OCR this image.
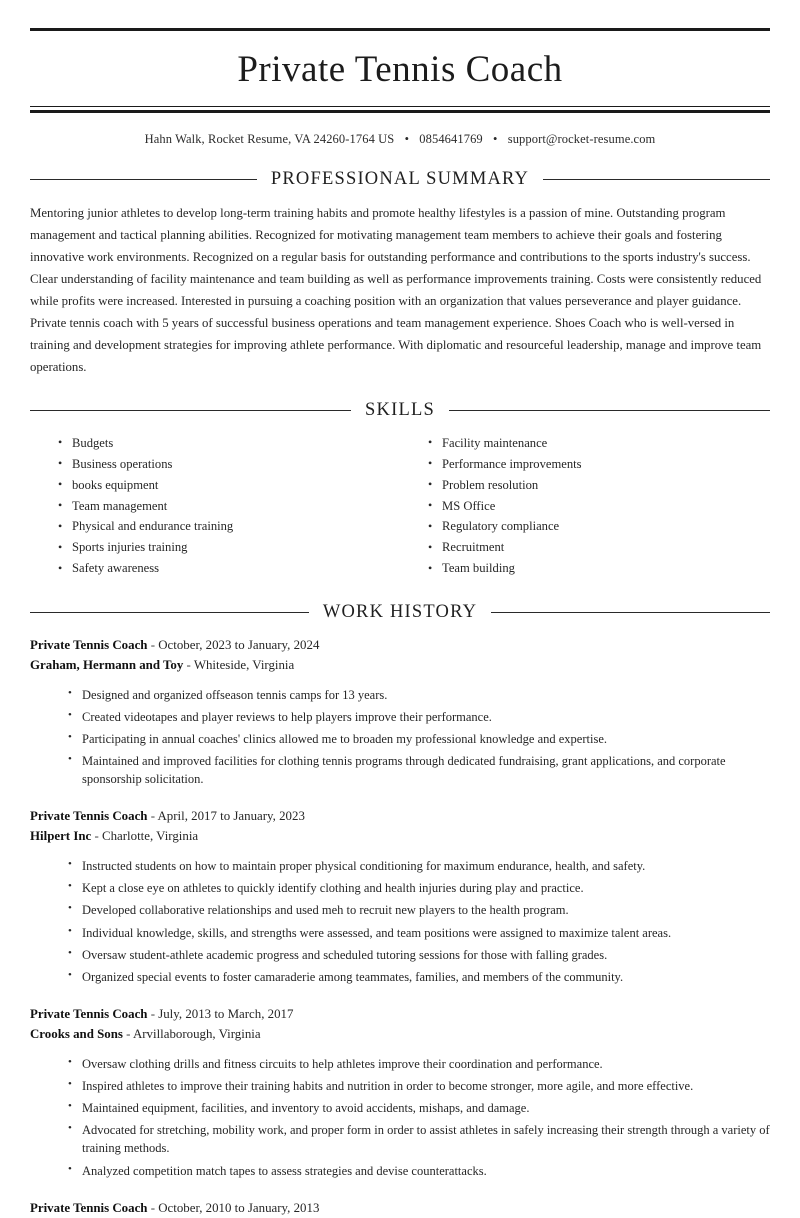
Private Tennis Coach
Hahn Walk, Rocket Resume, VA 24260-1764 US • 0854641769 • support@rocket-resume.com
PROFESSIONAL SUMMARY

Mentoring junior athletes to develop long-term training habits and promote healthy lifestyles is a passion of mine. Outstanding program management and tactical planning abilities. Recognized for motivating management team members to achieve their goals and fostering innovative work environments. Recognized on a regular basis for outstanding performance and contributions to the sports industry's success. Clear understanding of facility maintenance and team building as well as performance improvements training. Costs were consistently reduced while profits were increased. Interested in pursuing a coaching position with an organization that values perseverance and player guidance. Private tennis coach with 5 years of successful business operations and team management experience. Shoes Coach who is well-versed in training and development strategies for improving athlete performance. With diplomatic and resourceful leadership, manage and improve team operations.

SKILLS
• Budgets
• Business operations
• books equipment
• Team management
• Physical and endurance training
• Sports injuries training
• Safety awareness
• Facility maintenance
• Performance improvements
• Problem resolution
• MS Office
• Regulatory compliance
• Recruitment
• Team building
WORK HISTORY
Private Tennis Coach - October, 2023 to January, 2024
Graham, Hermann and Toy - Whiteside, Virginia
• Designed and organized offseason tennis camps for 13 years.
• Created videotapes and player reviews to help players improve their performance.
• Participating in annual coaches' clinics allowed me to broaden my professional knowledge and expertise.
• Maintained and improved facilities for clothing tennis programs through dedicated fundraising, grant applications, and corporate sponsorship solicitation.
Private Tennis Coach - April, 2017 to January, 2023
Hilpert Inc - Charlotte, Virginia
• Instructed students on how to maintain proper physical conditioning for maximum endurance, health, and safety.
• Kept a close eye on athletes to quickly identify clothing and health injuries during play and practice.
• Developed collaborative relationships and used meh to recruit new players to the health program.
• Individual knowledge, skills, and strengths were assessed, and team positions were assigned to maximize talent areas.
• Oversaw student-athlete academic progress and scheduled tutoring sessions for those with falling grades.
• Organized special events to foster camaraderie among teammates, families, and members of the community.
Private Tennis Coach - July, 2013 to March, 2017
Crooks and Sons - Arvillaborough, Virginia
• Oversaw clothing drills and fitness circuits to help athletes improve their coordination and performance.
• Inspired athletes to improve their training habits and nutrition in order to become stronger, more agile, and more effective.
• Maintained equipment, facilities, and inventory to avoid accidents, mishaps, and damage.
• Advocated for stretching, mobility work, and proper form in order to assist athletes in safely increasing their strength through a variety of training methods.
• Analyzed competition match tapes to assess strategies and devise counterattacks.
Private Tennis Coach - October, 2010 to January, 2013
